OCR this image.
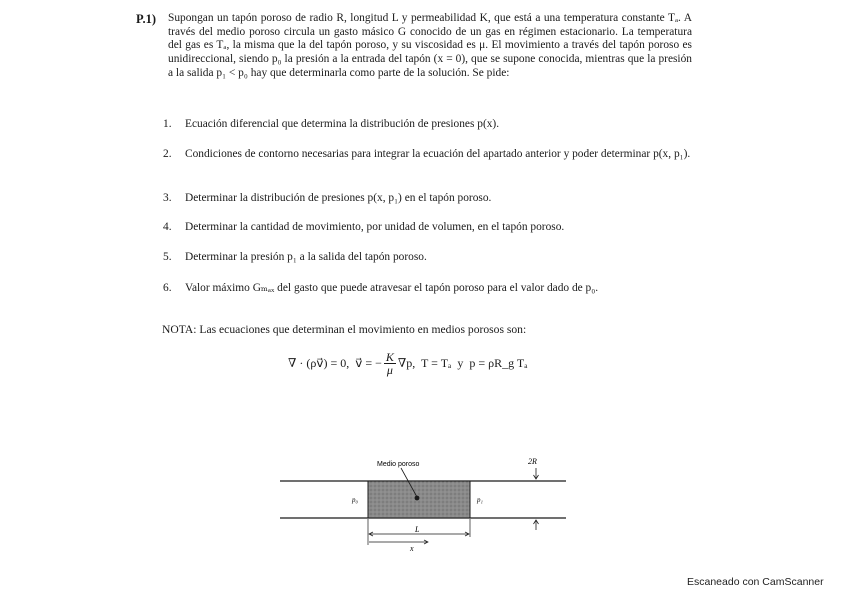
P.1) Supongan un tapón poroso de radio R, longitud L y permeabilidad K, que está a una temperatura constante Tₐ. A través del medio poroso circula un gasto másico G conocido de un gas en régimen estacionario. La temperatura del gas es Tₐ, la misma que la del tapón poroso, y su viscosidad es μ. El movimiento a través del tapón poroso es unidireccional, siendo p₀ la presión a la entrada del tapón (x = 0), que se supone conocida, mientras que la presión a la salida p₁ < p₀ hay que determinarla como parte de la solución. Se pide:

1.	Ecuación diferencial que determina la distribución de presiones p(x).
2.	Condiciones de contorno necesarias para integrar la ecuación del apartado anterior y poder determinar p(x, p₁).
3.	Determinar la distribución de presiones p(x, p₁) en el tapón poroso.
4.	Determinar la cantidad de movimiento, por unidad de volumen, en el tapón poroso.
5.	Determinar la presión p₁ a la salida del tapón poroso.
6.	Valor máximo Gₘₐₓ del gasto que puede atravesar el tapón poroso para el valor dado de p₀.
NOTA: Las ecuaciones que determinan el movimiento en medios porosos son:
∇ · (ρv⃗) = 0,  v⃗ = − $\frac{K}{\mu} \nabla p$,  T = Tₐ  y  p = ρR_g Tₐ
Medio poroso	2R
p₀	p₁
L
x
Escaneado con CamScanner
